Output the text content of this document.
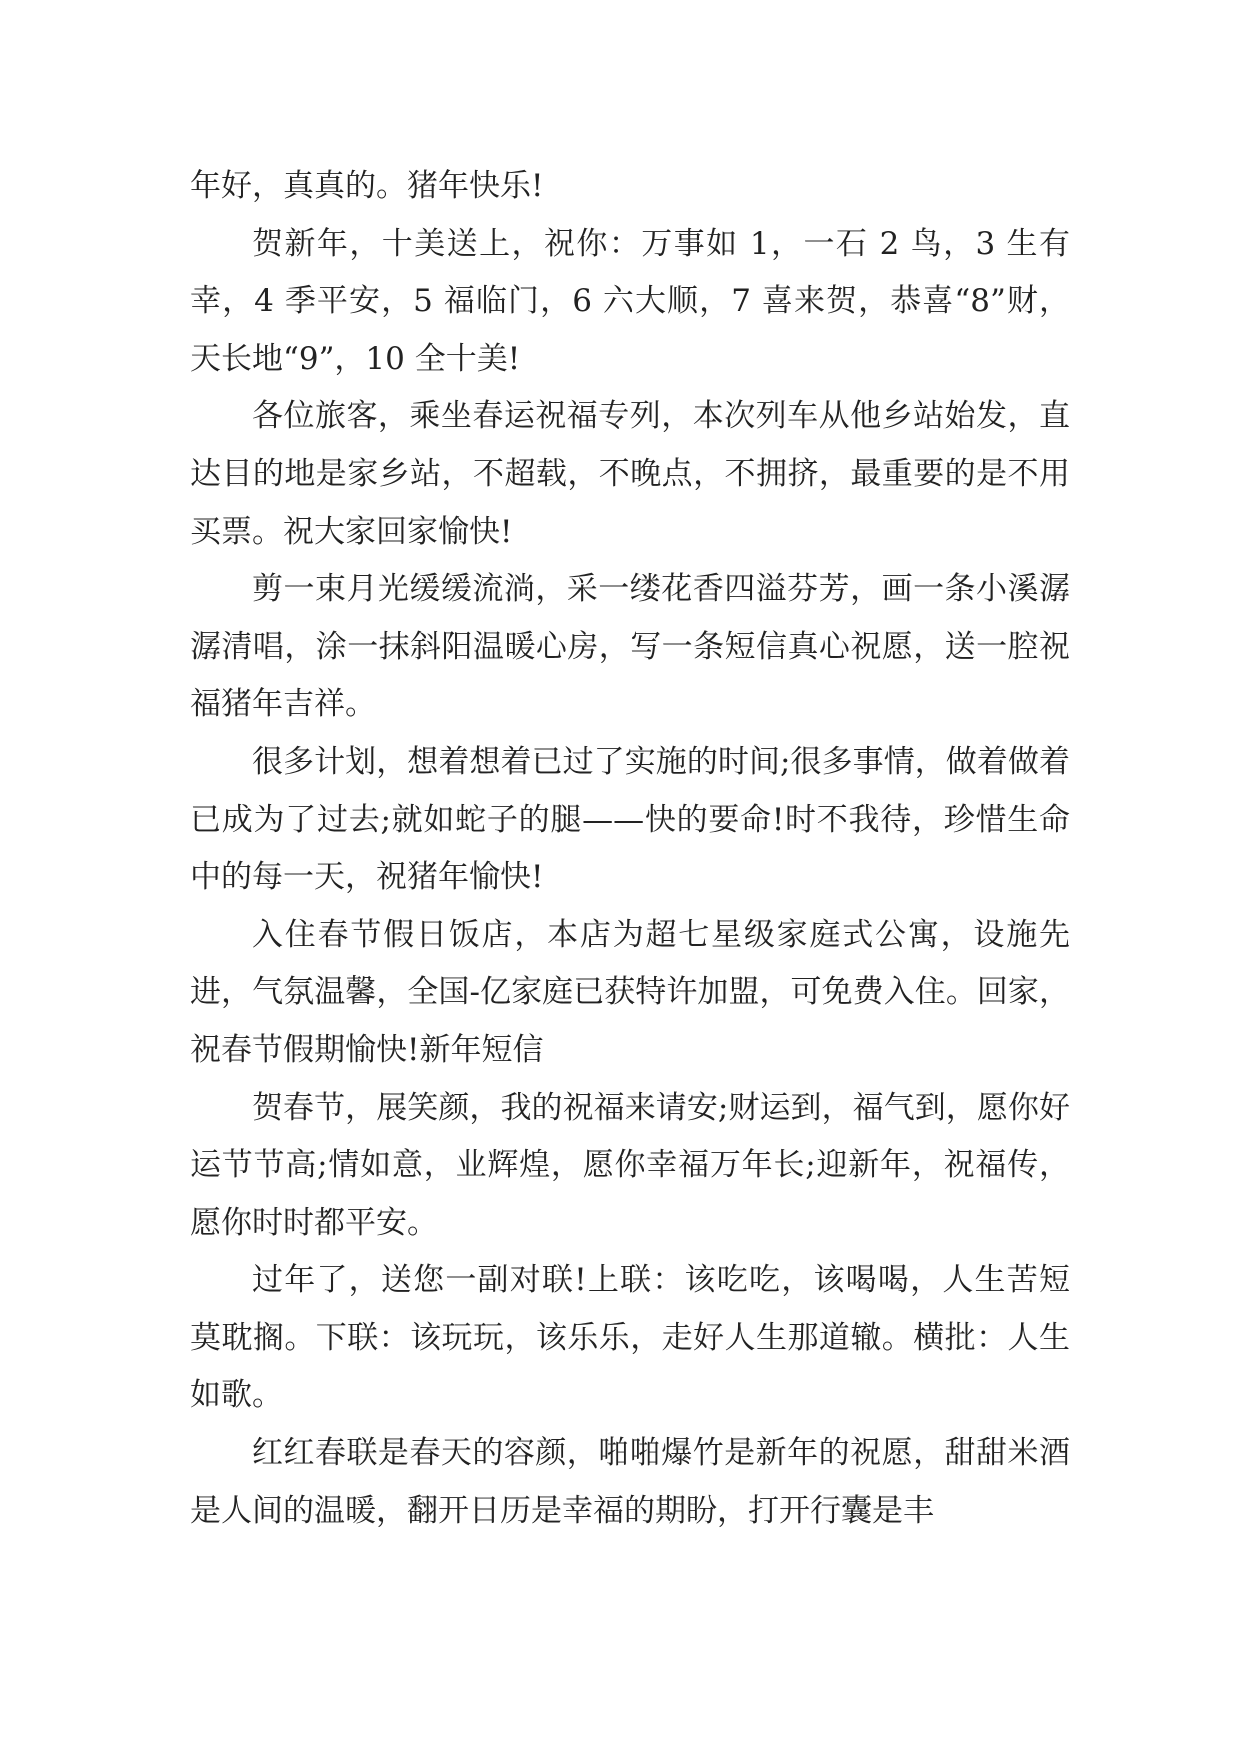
年好，真真的。猪年快乐!

贺新年，十美送上，祝你：万事如 1，一石 2 鸟，3 生有幸，4 季平安，5 福临门，6 六大顺，7 喜来贺，恭喜“8”财，天长地“9”，10 全十美!

各位旅客，乘坐春运祝福专列，本次列车从他乡站始发，直达目的地是家乡站，不超载，不晚点，不拥挤，最重要的是不用买票。祝大家回家愉快!

剪一束月光缓缓流淌，采一缕花香四溢芬芳，画一条小溪潺潺清唱，涂一抹斜阳温暖心房，写一条短信真心祝愿，送一腔祝福猪年吉祥。

很多计划，想着想着已过了实施的时间;很多事情，做着做着已成为了过去;就如蛇子的腿——快的要命!时不我待，珍惜生命中的每一天，祝猪年愉快!

入住春节假日饭店，本店为超七星级家庭式公寓，设施先进，气氛温馨，全国-亿家庭已获特许加盟，可免费入住。回家，祝春节假期愉快!新年短信

贺春节，展笑颜，我的祝福来请安;财运到，福气到，愿你好运节节高;情如意，业辉煌，愿你幸福万年长;迎新年，祝福传，愿你时时都平安。

过年了，送您一副对联!上联：该吃吃，该喝喝，人生苦短莫耽搁。下联：该玩玩，该乐乐，走好人生那道辙。横批：人生如歌。

红红春联是春天的容颜，啪啪爆竹是新年的祝愿，甜甜米酒是人间的温暖，翻开日历是幸福的期盼，打开行囊是丰
